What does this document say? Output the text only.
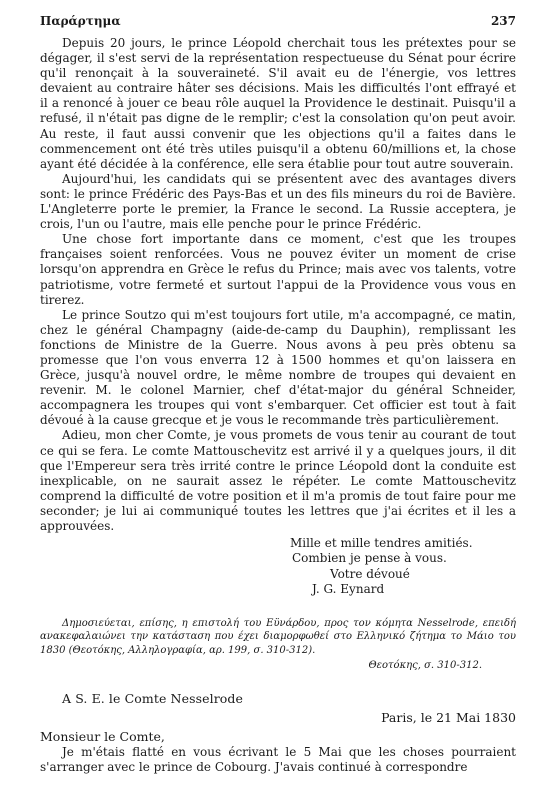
Παράρτημα	237

Depuis 20 jours, le prince Léopold cherchait tous les prétextes pour se dégager, il s'est servi de la représentation respectueuse du Sénat pour écrire qu'il renonçait à la souveraineté. S'il avait eu de l'énergie, vos lettres devaient au contraire hâter ses décisions. Mais les difficultés l'ont effrayé et il a renoncé à jouer ce beau rôle auquel la Providence le destinait. Puisqu'il a refusé, il n'était pas digne de le remplir; c'est la consolation qu'on peut avoir. Au reste, il faut aussi convenir que les objections qu'il a faites dans le commencement ont été très utiles puisqu'il a obtenu 60/millions et, la chose ayant été décidée à la conférence, elle sera établie pour tout autre souverain.

Aujourd'hui, les candidats qui se présentent avec des avantages divers sont: le prince Frédéric des Pays-Bas et un des fils mineurs du roi de Bavière. L'Angleterre porte le premier, la France le second. La Russie acceptera, je crois, l'un ou l'autre, mais elle penche pour le prince Frédéric.

Une chose fort importante dans ce moment, c'est que les troupes françaises soient renforcées. Vous ne pouvez éviter un moment de crise lorsqu'on apprendra en Grèce le refus du Prince; mais avec vos talents, votre patriotisme, votre fermeté et surtout l'appui de la Providence vous vous en tirerez.

Le prince Soutzo qui m'est toujours fort utile, m'a accompagné, ce matin, chez le général Champagny (aide-de-camp du Dauphin), remplissant les fonctions de Ministre de la Guerre. Nous avons à peu près obtenu sa promesse que l'on vous enverra 12 à 1500 hommes et qu'on laissera en Grèce, jusqu'à nouvel ordre, le même nombre de troupes qui devaient en revenir. M. le colonel Marnier, chef d'état-major du général Schneider, accompagnera les troupes qui vont s'embarquer. Cet officier est tout à fait dévoué à la cause grecque et je vous le recommande très particulièrement.

Adieu, mon cher Comte, je vous promets de vous tenir au courant de tout ce qui se fera. Le comte Mattouschevitz est arrivé il y a quelques jours, il dit que l'Empereur sera très irrité contre le prince Léopold dont la conduite est inexplicable, on ne saurait assez le répéter. Le comte Mattouschevitz comprend la difficulté de votre position et il m'a promis de tout faire pour me seconder; je lui ai communiqué toutes les lettres que j'ai écrites et il les a approuvées.

Mille et mille tendres amitiés.
Combien je pense à vous.
Votre dévoué
J. G. Eynard
Δημοσιεύεται, επίσης, η επιστολή του Εϋνάρδου, προς τον κόμητα Nesselrode, επειδή ανακεφαλαιώνει την κατάσταση που έχει διαμορφωθεί στο Ελληνικό ζήτημα το Μάιο του 1830 (Θεοτόκης, Αλληλογραφία, αρ. 199, σ. 310-312).
Θεοτόκης, σ. 310-312.
A S. E. le Comte Nesselrode
Paris, le 21 Mai 1830
Monsieur le Comte,

Je m'étais flatté en vous écrivant le 5 Mai que les choses pourraient s'arranger avec le prince de Cobourg. J'avais continué à correspondre
